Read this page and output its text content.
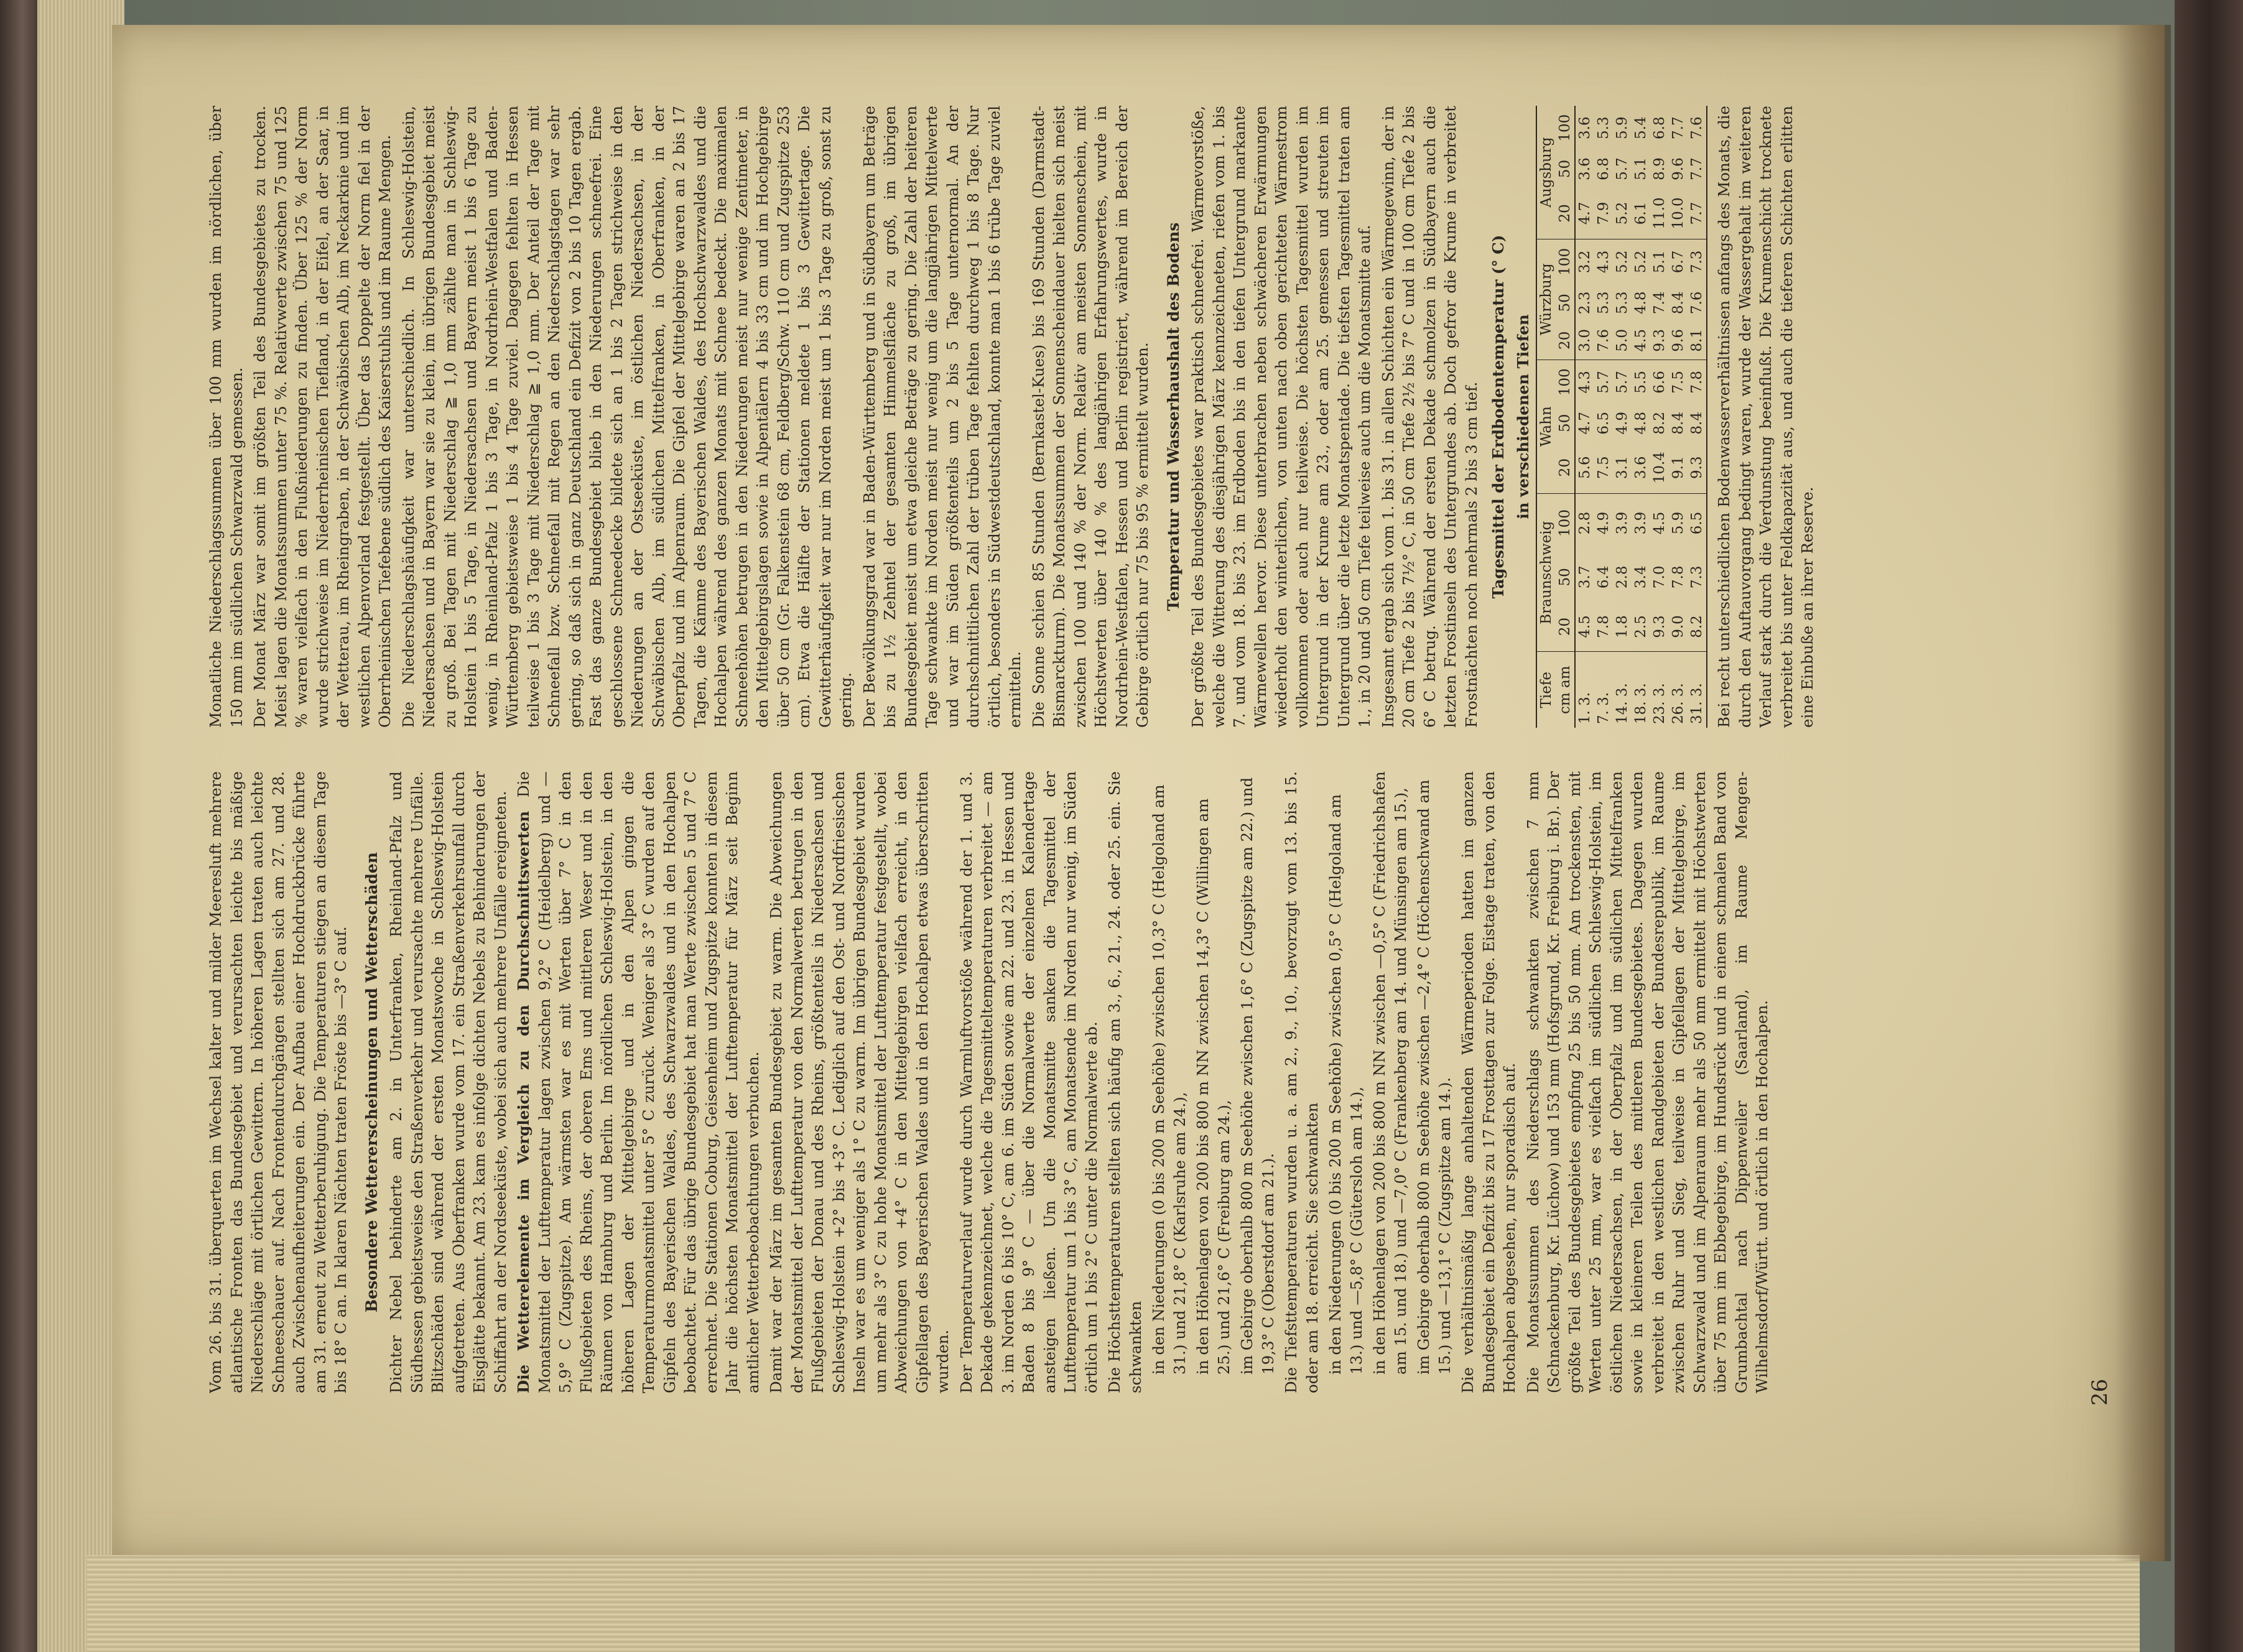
Vom 26. bis 31. überquerten im Wechsel kalter und milder Meeresluft mehrere atlantische Fronten das Bundesgebiet und verursachten leichte bis mäßige Niederschläge mit örtlichen Gewittern. In höheren Lagen traten auch leichte Schneeschauer auf. Nach Frontendurchgängen stellten sich am 27. und 28. auch Zwischenaufheiterungen ein. Der Aufbau einer Hochdruckbrücke führte am 31. erneut zu Wetterberuhigung. Die Temperaturen stiegen an diesem Tage bis 18° C an. In klaren Nächten traten Fröste bis —3° C auf. Besondere Wettererscheinungen und Wetterschäden Dichter Nebel behinderte am 2. in Unterfranken, Rheinland-Pfalz und Südhessen gebietsweise den Straßenverkehr und verursachte mehrere Unfälle. Blitzschäden sind während der ersten Monatswoche in Schleswig-Holstein aufgetreten. Aus Oberfranken wurde vom 17. ein Straßenverkehrsunfall durch Eisglätte bekannt. Am 23. kam es infolge dichten Nebels zu Behinderungen der Schiffahrt an der Nordseeküste, wobei sich auch mehrere Unfälle ereigneten. Die Wetterelemente im Vergleich zu den Durchschnittswerten Die Monatsmittel der Lufttemperatur lagen zwischen 9,2° C (Heidelberg) und —5,9° C (Zugspitze). Am wärmsten war es mit Werten über 7° C in den Flußgebieten des Rheins, der oberen Ems und mittleren Weser und in den Räumen von Hamburg und Berlin. Im nördlichen Schleswig-Holstein, in den höheren Lagen der Mittelgebirge und in den Alpen gingen die Temperaturmonatsmittel unter 5° C zurück. Weniger als 3° C wurden auf den Gipfeln des Bayerischen Waldes, des Schwarzwaldes und in den Hochalpen beobachtet. Für das übrige Bundesgebiet hat man Werte zwischen 5 und 7° C errechnet. Die Stationen Coburg, Geisenheim und Zugspitze konnten in diesem Jahr die höchsten Monatsmittel der Lufttemperatur für März seit Beginn amtlicher Wetterbeobachtungen verbuchen. Damit war der März im gesamten Bundesgebiet zu warm. Die Abweichungen der Monatsmittel der Lufttemperatur von den Normalwerten betrugen in den Flußgebieten der Donau und des Rheins, größtenteils in Niedersachsen und Schleswig-Holstein +2° bis +3° C. Lediglich auf den Ost- und Nordfriesischen Inseln war es um weniger als 1° C zu warm. Im übrigen Bundesgebiet wurden um mehr als 3° C zu hohe Monatsmittel der Lufttemperatur festgestellt, wobei Abweichungen von +4° C in den Mittelgebirgen vielfach erreicht, in den Gipfellagen des Bayerischen Waldes und in den Hochalpen etwas überschritten wurden. Der Temperaturverlauf wurde durch Warmluftvorstöße während der 1. und 3. Dekade gekennzeichnet, welche die Tagesmitteltemperaturen verbreitet — am 3. im Norden 6 bis 10° C, am 6. im Süden sowie am 22. und 23. in Hessen und Baden 8 bis 9° C — über die Normalwerte der einzelnen Kalendertage ansteigen ließen. Um die Monatsmitte sanken die Tagesmittel der Lufttemperatur um 1 bis 3° C, am Monatsende im Norden nur wenig, im Süden örtlich um 1 bis 2° C unter die Normalwerte ab. Die Höchsttemperaturen stellten sich häufig am 3., 6., 21., 24. oder 25. ein. Sie schwankten in den Niederungen (0 bis 200 m Seehöhe) zwischen 10,3° C (Helgoland am 31.) und 21,8° C (Karlsruhe am 24.), in den Höhenlagen von 200 bis 800 m NN zwischen 14,3° C (Willingen am 25.) und 21,6° C (Freiburg am 24.), im Gebirge oberhalb 800 m Seehöhe zwischen 1,6° C (Zugspitze am 22.) und 19,3° C (Oberstdorf am 21.). Die Tiefsttemperaturen wurden u. a. am 2., 9., 10., bevorzugt vom 13. bis 15. oder am 18. erreicht. Sie schwankten in den Niederungen (0 bis 200 m Seehöhe) zwischen 0,5° C (Helgoland am 13.) und —5,8° C (Gütersloh am 14.), in den Höhenlagen von 200 bis 800 m NN zwischen —0,5° C (Friedrichshafen am 15. und 18.) und —7,0° C (Frankenberg am 14. und Münsingen am 15.), im Gebirge oberhalb 800 m Seehöhe zwischen —2,4° C (Höchenschwand am 15.) und —13,1° C (Zugspitze am 14.). Die verhältnismäßig lange anhaltenden Wärmeperioden hatten im ganzen Bundesgebiet ein Defizit bis zu 17 Frosttagen zur Folge. Eistage traten, von den Hochalpen abgesehen, nur sporadisch auf. Die Monatssummen des Niederschlags schwankten zwischen 7 mm (Schnackenburg, Kr. Lüchow) und 153 mm (Hofsgrund, Kr. Freiburg i. Br.). Der größte Teil des Bundesgebietes empfing 25 bis 50 mm. Am trockensten, mit Werten unter 25 mm, war es vielfach im südlichen Schleswig-Holstein, im östlichen Niedersachsen, in der Oberpfalz und im südlichen Mittelfranken sowie in kleineren Teilen des mittleren Bundesgebietes. Dagegen wurden verbreitet in den westlichen Randgebieten der Bundesrepublik, im Raume zwischen Ruhr und Sieg, teilweise in Gipfellagen der Mittelgebirge, im Schwarzwald und im Alpenraum mehr als 50 mm ermittelt mit Höchstwerten über 75 mm im Ebbegebirge, im Hundsrück und in einem schmalen Band von Grumbachtal nach Dippenweiler (Saarland), im Raume Mengen-Wilhelmsdorf/Württ. und örtlich in den Hochalpen.

Monatliche Niederschlagssummen über 100 mm wurden im nördlichen, über 150 mm im südlichen Schwarzwald gemessen. Der Monat März war somit im größten Teil des Bundesgebietes zu trocken. Meist lagen die Monatssummen unter 75 %. Relativwerte zwischen 75 und 125 % waren vielfach in den Flußniederungen zu finden. Über 125 % der Norm wurde strichweise im Niederrheinischen Tiefland, in der Eifel, an der Saar, in der Wetterau, im Rheingraben, in der Schwäbischen Alb, im Neckarknie und im westlichen Alpenvorland festgestellt. Über das Doppelte der Norm fiel in der Oberrheinischen Tiefebene südlich des Kaiserstuhls und im Raume Mengen. Die Niederschlagshäufigkeit war unterschiedlich. In Schleswig-Holstein, Niedersachsen und in Bayern war sie zu klein, im übrigen Bundesgebiet meist zu groß. Bei Tagen mit Niederschlag ≧ 1,0 mm zählte man in Schleswig-Holstein 1 bis 5 Tage, in Niedersachsen und Bayern meist 1 bis 6 Tage zu wenig, in Rheinland-Pfalz 1 bis 3 Tage, in Nordrhein-Westfalen und Baden-Württemberg gebietsweise 1 bis 4 Tage zuviel. Dagegen fehlten in Hessen teilweise 1 bis 3 Tage mit Niederschlag ≧ 1,0 mm. Der Anteil der Tage mit Schneefall bzw. Schneefall mit Regen an den Niederschlagstagen war sehr gering, so daß sich in ganz Deutschland ein Defizit von 2 bis 10 Tagen ergab. Fast das ganze Bundesgebiet blieb in den Niederungen schneefrei. Eine geschlossene Schneedecke bildete sich an 1 bis 2 Tagen strichweise in den Niederungen an der Ostseeküste, im östlichen Niedersachsen, in der Schwäbischen Alb, im südlichen Mittelfranken, in Oberfranken, in der Oberpfalz und im Alpenraum. Die Gipfel der Mittelgebirge waren an 2 bis 17 Tagen, die Kämme des Bayerischen Waldes, des Hochschwarzwaldes und die Hochalpen während des ganzen Monats mit Schnee bedeckt. Die maximalen Schneehöhen betrugen in den Niederungen meist nur wenige Zentimeter, in den Mittelgebirgslagen sowie in Alpentälern 4 bis 33 cm und im Hochgebirge über 50 cm (Gr. Falkenstein 68 cm, Feldberg/Schw. 110 cm und Zugspitze 253 cm). Etwa die Hälfte der Stationen meldete 1 bis 3 Gewittertage. Die Gewitterhäufigkeit war nur im Norden meist um 1 bis 3 Tage zu groß, sonst zu gering. Der Bewölkungsgrad war in Baden-Württemberg und in Südbayern um Beträge bis zu 1½ Zehntel der gesamten Himmelsfläche zu groß, im übrigen Bundesgebiet meist um etwa gleiche Beträge zu gering. Die Zahl der heiteren Tage schwankte im Norden meist nur wenig um die langjährigen Mittelwerte und war im Süden größtenteils um 2 bis 5 Tage unternormal. An der durchschnittlichen Zahl der trüben Tage fehlten durchweg 1 bis 8 Tage. Nur örtlich, besonders in Südwestdeutschland, konnte man 1 bis 6 trübe Tage zuviel ermitteln. Die Sonne schien 85 Stunden (Bernkastel-Kues) bis 169 Stunden (Darmstadt-Bismarckturm). Die Monatssummen der Sonnenscheindauer hielten sich meist zwischen 100 und 140 % der Norm. Relativ am meisten Sonnenschein, mit Höchstwerten über 140 % des langjährigen Erfahrungswertes, wurde in Nordrhein-Westfalen, Hessen und Berlin registriert, während im Bereich der Gebirge örtlich nur 75 bis 95 % ermittelt wurden. Temperatur und Wasserhaushalt des Bodens Der größte Teil des Bundesgebietes war praktisch schneefrei. Wärmevorstöße, welche die Witterung des diesjährigen März kennzeichneten, riefen vom 1. bis 7. und vom 18. bis 23. im Erdboden bis in den tiefen Untergrund markante Wärmewellen hervor. Diese unterbrachen neben schwächeren Erwärmungen wiederholt den winterlichen, von unten nach oben gerichteten Wärmestrom vollkommen oder auch nur teilweise. Die höchsten Tagesmittel wurden im Untergrund in der Krume am 23., oder am 25. gemessen und streuten im Untergrund über die letzte Monatspentade. Die tiefsten Tagesmittel traten am 1., in 20 und 50 cm Tiefe teilweise auch um die Monatsmitte auf. Insgesamt ergab sich vom 1. bis 31. in allen Schichten ein Wärmegewinn, der in 20 cm Tiefe 2 bis 7½° C, in 50 cm Tiefe 2½ bis 7° C und in 100 cm Tiefe 2 bis 6° C betrug. Während der ersten Dekade schmolzen in Südbayern auch die letzten Frostinseln des Untergrundes ab. Doch gefror die Krume in verbreitet Frostnächten noch mehrmals 2 bis 3 cm tief. Tagesmittel der Erdbodentemperatur (° C) in verschiedenen Tiefen
Tiefe	Braunschweig			Wahn			Würzburg			Augsburg		
cm am	20	50	100	20	50	100	20	50	100	20	50	100
1. 3.	4.5	3.7	2.8	5.6	4.7	4.3	3.0	2.3	3.2	4.7	3.6	3.6
7. 3.	7.8	6.4	4.9	7.5	6.5	5.7	7.6	5.3	4.3	7.9	6.8	5.3
14. 3.	1.8	2.8	3.9	3.1	4.9	5.7	5.0	5.3	5.2	5.2	5.7	5.9
18. 3.	2.5	3.4	3.9	3.6	4.8	5.5	4.5	4.8	5.2	6.1	5.1	5.4
23. 3.	9.3	7.0	4.5	10.4	8.2	6.6	9.3	7.4	5.1	11.0	8.9	6.8
26. 3.	9.0	7.8	5.9	9.1	8.4	7.5	9.6	8.4	6.7	10.0	9.6	7.7
31. 3.	8.2	7.3	6.5	9.3	8.4	7.8	8.1	7.6	7.3	7.7	7.7	7.6 Bei recht unterschiedlichen Bodenwasserverhältnissen anfangs des Monats, die durch den Auftauvorgang bedingt waren, wurde der Wassergehalt im weiteren Verlauf stark durch die Verdunstung beeinflußt. Die Krumenschicht trocknete verbreitet bis unter Feldkapazität aus, und auch die tieferen Schichten erlitten eine Einbuße an ihrer Reserve.

26
